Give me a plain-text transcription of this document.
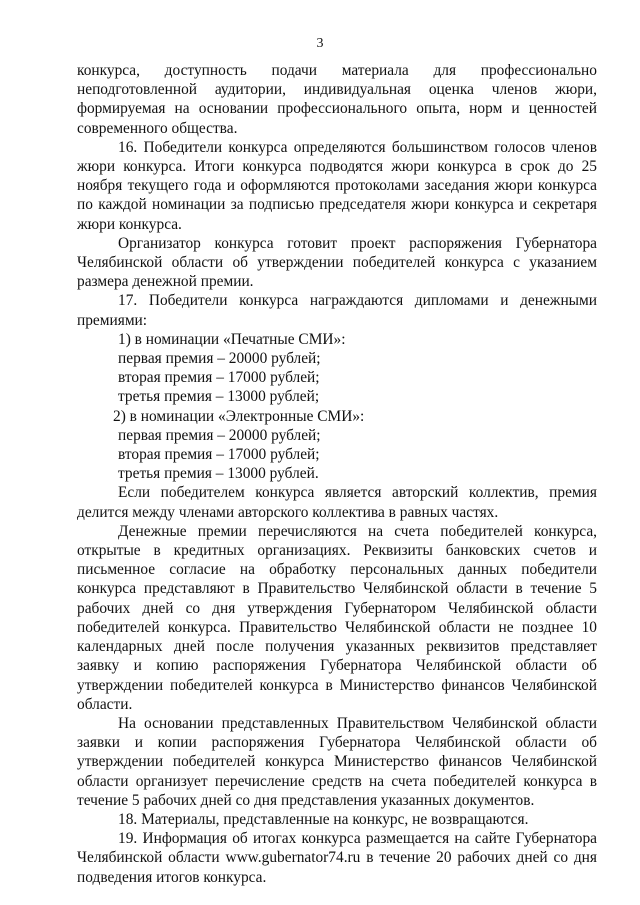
3

конкурса, доступность подачи материала для профессионально неподготовленной аудитории, индивидуальная оценка членов жюри, формируемая на основании профессионального опыта, норм и ценностей современного общества.

16. Победители конкурса определяются большинством голосов членов жюри конкурса. Итоги конкурса подводятся жюри конкурса в срок до 25 ноября текущего года и оформляются протоколами заседания жюри конкурса по каждой номинации за подписью председателя жюри конкурса и секретаря жюри конкурса.

Организатор конкурса готовит проект распоряжения Губернатора Челябинской области об утверждении победителей конкурса с указанием размера денежной премии.

17. Победители конкурса награждаются дипломами и денежными премиями:

1) в номинации «Печатные СМИ»:

первая премия – 20000 рублей;

вторая премия – 17000 рублей;

третья премия – 13000 рублей;

2) в номинации «Электронные СМИ»:

первая премия – 20000 рублей;

вторая премия – 17000 рублей;

третья премия – 13000 рублей.

Если победителем конкурса является авторский коллектив, премия делится между членами авторского коллектива в равных частях.

Денежные премии перечисляются на счета победителей конкурса, открытые в кредитных организациях. Реквизиты банковских счетов и письменное согласие на обработку персональных данных победители конкурса представляют в Правительство Челябинской области в течение 5 рабочих дней со дня утверждения Губернатором Челябинской области победителей конкурса. Правительство Челябинской области не позднее 10 календарных дней после получения указанных реквизитов представляет заявку и копию распоряжения Губернатора Челябинской области об утверждении победителей конкурса в Министерство финансов Челябинской области.

На основании представленных Правительством Челябинской области заявки и копии распоряжения Губернатора Челябинской области об утверждении победителей конкурса Министерство финансов Челябинской области организует перечисление средств на счета победителей конкурса в течение 5 рабочих дней со дня представления указанных документов.

18. Материалы, представленные на конкурс, не возвращаются.

19. Информация об итогах конкурса размещается на сайте Губернатора Челябинской области www.gubernator74.ru в течение 20 рабочих дней со дня подведения итогов конкурса.
